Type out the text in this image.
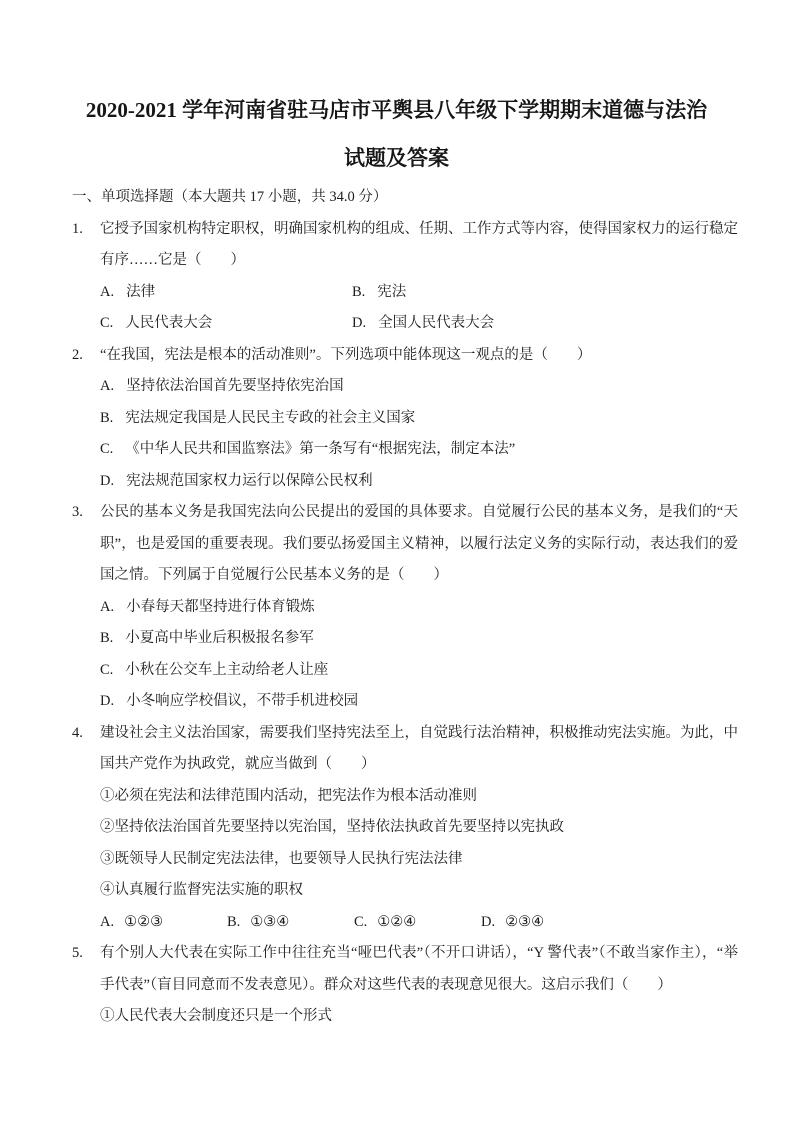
2020-2021 学年河南省驻马店市平舆县八年级下学期期末道德与法治
试题及答案
一、单项选择题（本大题共 17 小题，共 34.0 分）
1.	它授予国家机构特定职权，明确国家机构的组成、任期、工作方式等内容，使得国家权力的运行稳定有序……它是（　　）
A. 法律	B. 宪法
C. 人民代表大会	D. 全国人民代表大会
2.	“在我国，宪法是根本的活动准则”。下列选项中能体现这一观点的是（　　）
A. 坚持依法治国首先要坚持依宪治国
B. 宪法规定我国是人民民主专政的社会主义国家
C. 《中华人民共和国监察法》第一条写有“根据宪法，制定本法”
D. 宪法规范国家权力运行以保障公民权利
3.	公民的基本义务是我国宪法向公民提出的爱国的具体要求。自觉履行公民的基本义务，是我们的“天职”，也是爱国的重要表现。我们要弘扬爱国主义精神，以履行法定义务的实际行动，表达我们的爱国之情。下列属于自觉履行公民基本义务的是（　　）
A. 小春每天都坚持进行体育锻炼
B. 小夏高中毕业后积极报名参军
C. 小秋在公交车上主动给老人让座
D. 小冬响应学校倡议，不带手机进校园
4.	建设社会主义法治国家，需要我们坚持宪法至上，自觉践行法治精神，积极推动宪法实施。为此，中国共产党作为执政党，就应当做到（　　）
①必须在宪法和法律范围内活动，把宪法作为根本活动准则
②坚持依法治国首先要坚持以宪治国，坚持依法执政首先要坚持以宪执政
③既领导人民制定宪法法律，也要领导人民执行宪法法律
④认真履行监督宪法实施的职权
A. ①②③	B. ①③④	C. ①②④	D. ②③④
5.	有个别人大代表在实际工作中往往充当“哑巴代表”（不开口讲话），“Y 警代表”（不敢当家作主），“举手代表”（盲目同意而不发表意见）。群众对这些代表的表现意见很大。这启示我们（　　）
①人民代表大会制度还只是一个形式
